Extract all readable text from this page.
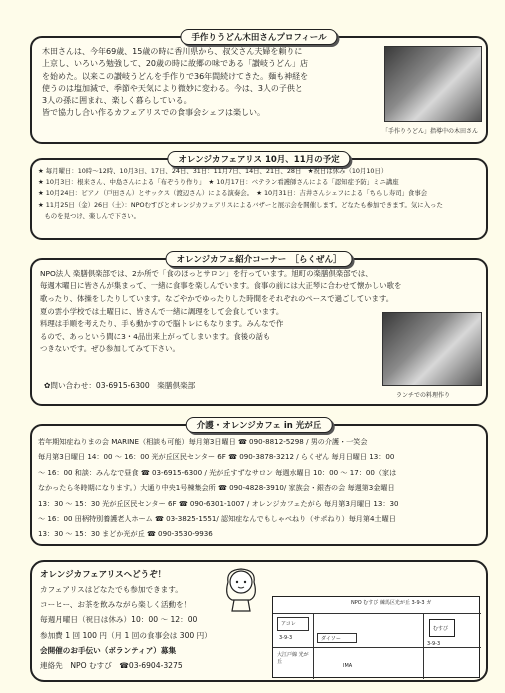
手作りうどん木田さんプロフィール
木田さんは、今年69歳、15歳の時に香川県から、叔父さん夫婦を頼りに
上京し、いろいろ勉強して、20歳の時に故郷の味である「讃岐うどん」店
を始めた。以来この讃岐うどんを手作りで36年間続けてきた。麺も神経を
使うのは塩加減で、季節や天気により微妙に変わる。今は、3人の子供と
3人の孫に囲まれ、楽しく暮らしている。
皆で協力し合い作るカフェアリスでの食事会シェフは楽しい。
「手作りうどん」指導中の木田さん
オレンジカフェアリス 10月、11月の予定
★ 毎月曜日：10時～12時、10月3日、17日、24日、31日：11月7日、14日、21日、28日　★祝日は休み（10月10日）
★ 10月3日：根来さん、中島さんによる「布ぞうり作り」　★ 10月17日：ベテラン看護師さんによる「認知症予防」ミニ講座
★ 10月24日：ピアノ（戸田さん）とサックス（渡辺さん）による演奏会。　★ 10月31日：吉井さんシェフによる「ちらし寿司」食事会
★ 11月25日（金）26日（土）：NPOむすびとオレンジカフェアリスによるバザーと展示会を開催します。どなたも参加できます。気に入った
　ものを見つけ、楽しんで下さい。
オレンジカフェ紹介コーナー　［らくぜん］
NPO法人 楽膳倶楽部では、2か所で「食のほっとサロン」を行っています。旭町の楽膳倶楽部では、
毎週木曜日に皆さんが集まって、一緒に食事を楽しんでいます。食事の前には大正琴に合わせて懐かしい歌を
歌ったり、体操をしたりしています。なごやかでゆったりした時間をそれぞれのペースで過ごしています。
夏の雲小学校では土曜日に、皆さんで一緒に調理をして会食しています。
料理は手順を考えたり、手も動かすので脳トレにもなります。みんなで作
るので、あっという間に3・4品出来上がってしまいます。食後の話も
つきないです。ぜひ参加してみて下さい。
✿問い合わせ：03-6915-6300　楽膳倶楽部
ランチでの料理作り
介護・オレンジカフェ in 光が丘
若年期知症ねりまの会 MARINE（相談も可能）毎月第3日曜日 ☎ 090-8812-5298 / 男の介護・一笑会
毎月第3日曜日 14：00 ～ 16：00 光が丘区民センター 6F ☎ 090-3878-3212 / らくぜん 毎月日曜日 13：00
～ 16：00 和談：みんなで昼食 ☎ 03-6915-6300 / 光が丘すずなサロン 毎週水曜日 10：00 ～ 17：00（家は
なかったら冬時期になります。）大通り中央1号棟集会所 ☎ 090-4828-3910/ 家族会・銀杏の会 毎週第3金曜日
13：30 ～ 15：30 光が丘区民センター 6F ☎ 090-6301-1007 / オレンジカフェたがら 毎月第3月曜日 13：30
～ 16：00 田柄特別養護老人ホーム ☎ 03-3825-1551/ 認知症なんでもしゃべねり（サポねり）毎月第4土曜日
13：30 ～ 15：30 まどか光が丘 ☎ 090-3530-9936
オレンジカフェアリスへどうぞ！
カフェアリスはどなたでも参加できます。
コーヒー、お茶を飲みながら楽しく活動を！
毎週月曜日（祝日は休み）10：00 ～ 12：00
参加費 1 回 100 円（月 1 回の食事会は 300 円）
会開催のお手伝い（ボランティア）募集
連絡先　NPO むすび　☎03-6904-3275
NPO むすび 練馬区光が丘 3-9-3 ガ
アコレ
3-9-3	ダイソー
むすび
大江戸線 光が丘
IMA
3-9-3
